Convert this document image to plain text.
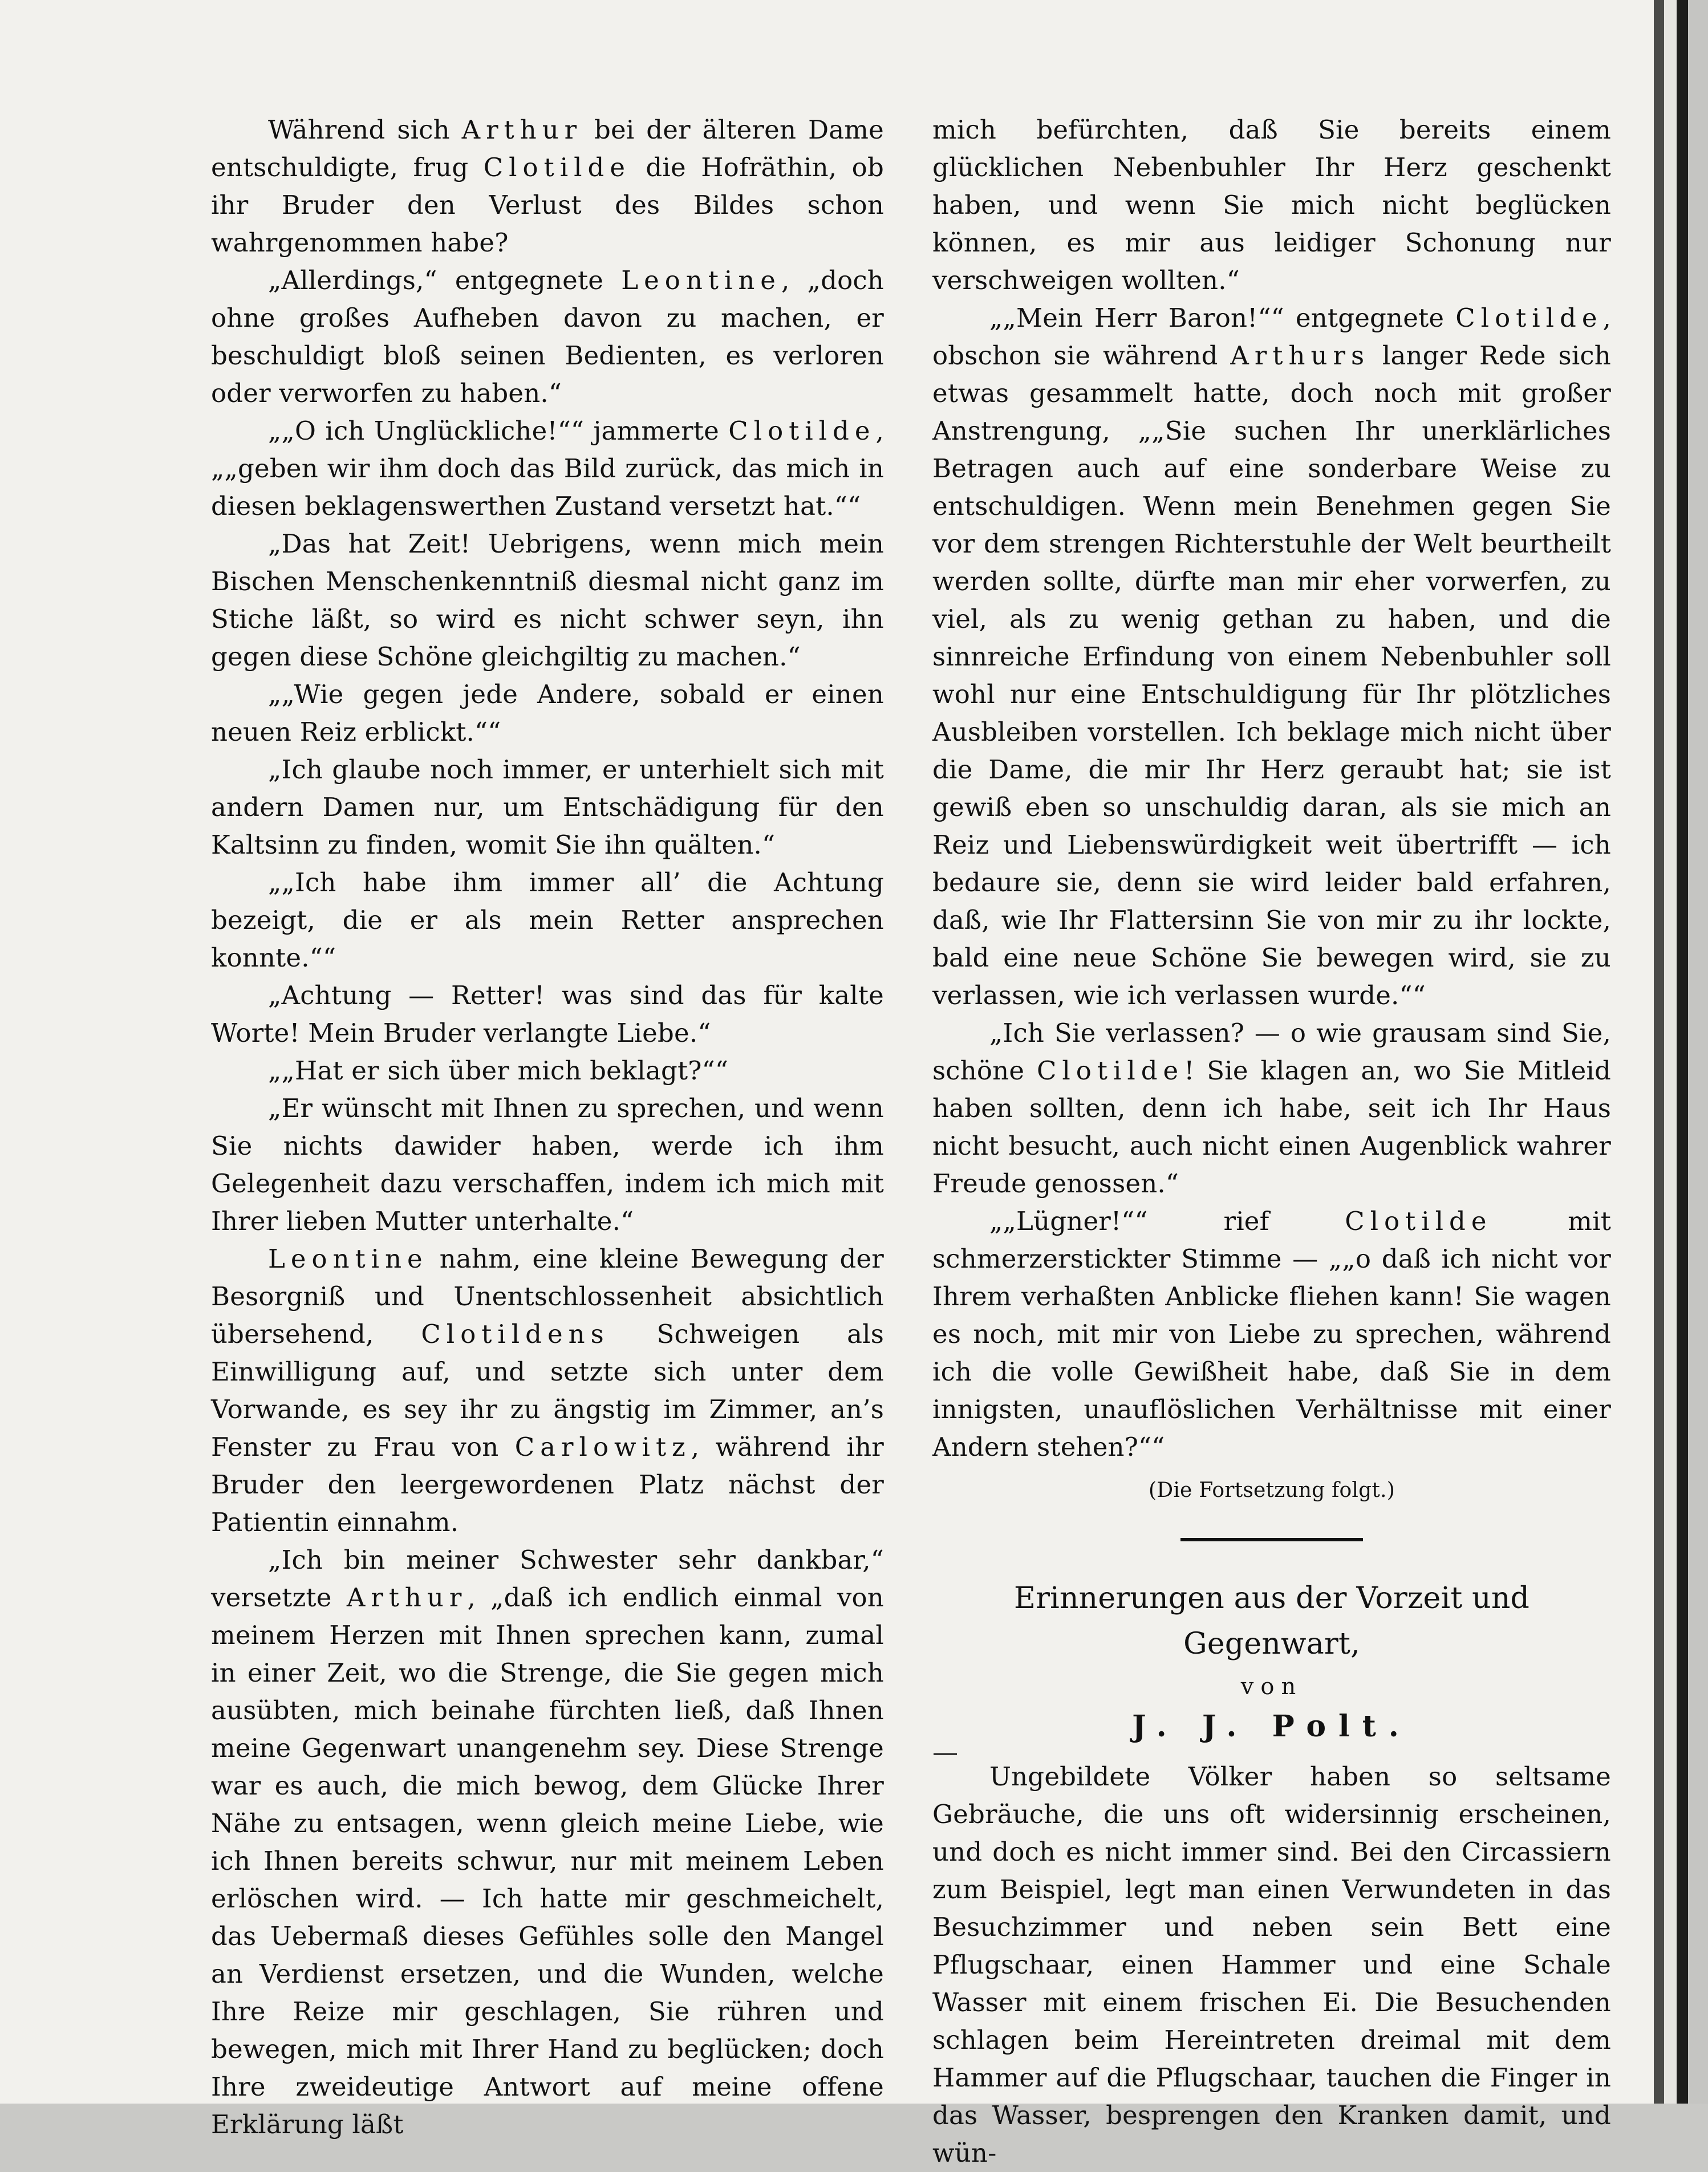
Während sich Arthur bei der älteren Dame entschuldigte, frug Clotilde die Hofräthin, ob ihr Bruder den Verlust des Bildes schon wahrgenommen habe?

„Allerdings,“ entgegnete Leontine, „doch ohne großes Aufheben davon zu machen, er beschuldigt bloß seinen Bedienten, es verloren oder verworfen zu haben.“

„„O ich Unglückliche!““ jammerte Clotilde, „„geben wir ihm doch das Bild zurück, das mich in diesen beklagenswerthen Zustand versetzt hat.““

„Das hat Zeit! Uebrigens, wenn mich mein Bischen Menschenkenntniß diesmal nicht ganz im Stiche läßt, so wird es nicht schwer seyn, ihn gegen diese Schöne gleichgiltig zu machen.“

„„Wie gegen jede Andere, sobald er einen neuen Reiz erblickt.““

„Ich glaube noch immer, er unterhielt sich mit andern Damen nur, um Entschädigung für den Kaltsinn zu finden, womit Sie ihn quälten.“

„„Ich habe ihm immer all’ die Achtung bezeigt, die er als mein Retter ansprechen konnte.““

„Achtung — Retter! was sind das für kalte Worte! Mein Bruder verlangte Liebe.“

„„Hat er sich über mich beklagt?““

„Er wünscht mit Ihnen zu sprechen, und wenn Sie nichts dawider haben, werde ich ihm Gelegenheit dazu verschaffen, indem ich mich mit Ihrer lieben Mutter unterhalte.“

Leontine nahm, eine kleine Bewegung der Besorgniß und Unentschlossenheit absichtlich übersehend, Clotildens Schweigen als Einwilligung auf, und setzte sich unter dem Vorwande, es sey ihr zu ängstig im Zimmer, an’s Fenster zu Frau von Carlowitz, während ihr Bruder den leergewordenen Platz nächst der Patientin einnahm.

„Ich bin meiner Schwester sehr dankbar,“ versetzte Arthur, „daß ich endlich einmal von meinem Herzen mit Ihnen sprechen kann, zumal in einer Zeit, wo die Strenge, die Sie gegen mich ausübten, mich beinahe fürchten ließ, daß Ihnen meine Gegenwart unangenehm sey. Diese Strenge war es auch, die mich bewog, dem Glücke Ihrer Nähe zu entsagen, wenn gleich meine Liebe, wie ich Ihnen bereits schwur, nur mit meinem Leben erlöschen wird. — Ich hatte mir geschmeichelt, das Uebermaß dieses Gefühles solle den Mangel an Verdienst ersetzen, und die Wunden, welche Ihre Reize mir geschlagen, Sie rühren und bewegen, mich mit Ihrer Hand zu beglücken; doch Ihre zweideutige Antwort auf meine offene Erklärung läßt

mich befürchten, daß Sie bereits einem glücklichen Nebenbuhler Ihr Herz geschenkt haben, und wenn Sie mich nicht beglücken können, es mir aus leidiger Schonung nur verschweigen wollten.“

„„Mein Herr Baron!““ entgegnete Clotilde, obschon sie während Arthurs langer Rede sich etwas gesammelt hatte, doch noch mit großer Anstrengung, „„Sie suchen Ihr unerklärliches Betragen auch auf eine sonderbare Weise zu entschuldigen. Wenn mein Benehmen gegen Sie vor dem strengen Richterstuhle der Welt beurtheilt werden sollte, dürfte man mir eher vorwerfen, zu viel, als zu wenig gethan zu haben, und die sinnreiche Erfindung von einem Nebenbuhler soll wohl nur eine Entschuldigung für Ihr plötzliches Ausbleiben vorstellen. Ich beklage mich nicht über die Dame, die mir Ihr Herz geraubt hat; sie ist gewiß eben so unschuldig daran, als sie mich an Reiz und Liebenswürdigkeit weit übertrifft — ich bedaure sie, denn sie wird leider bald erfahren, daß, wie Ihr Flattersinn Sie von mir zu ihr lockte, bald eine neue Schöne Sie bewegen wird, sie zu verlassen, wie ich verlassen wurde.““

„Ich Sie verlassen? — o wie grausam sind Sie, schöne Clotilde! Sie klagen an, wo Sie Mitleid haben sollten, denn ich habe, seit ich Ihr Haus nicht besucht, auch nicht einen Augenblick wahrer Freude genossen.“

„„Lügner!““ rief Clotilde mit schmerzerstickter Stimme — „„o daß ich nicht vor Ihrem verhaßten Anblicke fliehen kann! Sie wagen es noch, mit mir von Liebe zu sprechen, während ich die volle Gewißheit habe, daß Sie in dem innigsten, unauflöslichen Verhältnisse mit einer Andern stehen?““

(Die Fortsetzung folgt.)

Erinnerungen aus der Vorzeit und Gegenwart,

von

J. J. Polt.

—

Ungebildete Völker haben so seltsame Gebräuche, die uns oft widersinnig erscheinen, und doch es nicht immer sind. Bei den Circassiern zum Beispiel, legt man einen Verwundeten in das Besuchzimmer und neben sein Bett eine Pflugschaar, einen Hammer und eine Schale Wasser mit einem frischen Ei. Die Besuchenden schlagen beim Hereintreten dreimal mit dem Hammer auf die Pflugschaar, tauchen die Finger in das Wasser, besprengen den Kranken damit, und wün-
